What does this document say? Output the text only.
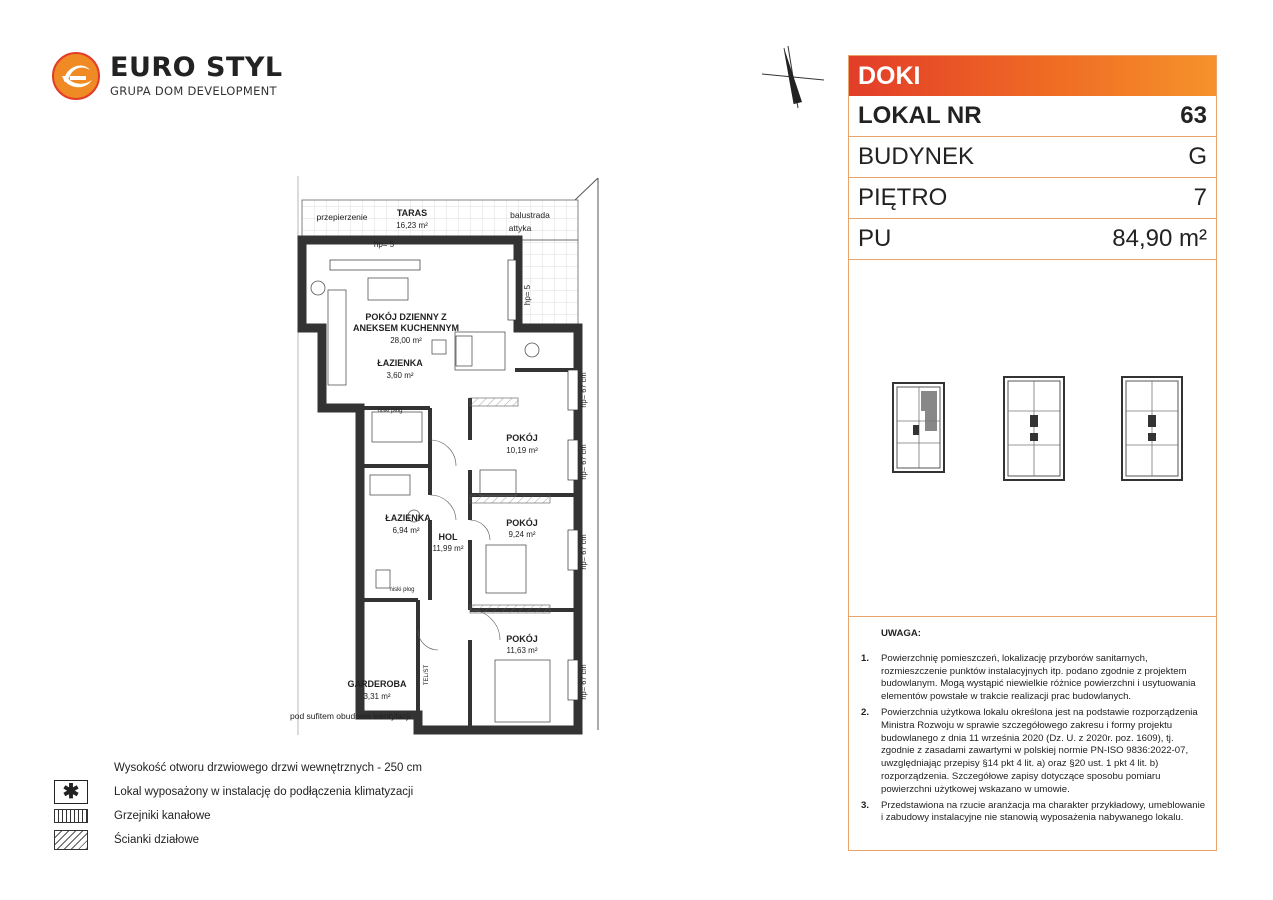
EURO STYL
GRUPA DOM DEVELOPMENT
DOKI
LOKAL NR	63
BUDYNEK	G
PIĘTRO	7
PU	84,90 m²
UWAGA:
1.	Powierzchnię pomieszczeń, lokalizację przyborów sanitarnych, rozmieszczenie punktów instalacyjnych itp. podano zgodnie z projektem budowlanym. Mogą wystąpić niewielkie różnice powierzchni i usytuowania elementów powstałe w trakcie realizacji prac budowlanych.
2.	Powierzchnia użytkowa lokalu określona jest na podstawie rozporządzenia Ministra Rozwoju w sprawie szczegółowego zakresu i formy projektu budowlanego z dnia 11 września 2020 (Dz. U. z 2020r. poz. 1609), tj. zgodnie z zasadami zawartymi w polskiej normie PN-ISO 9836:2022-07, uwzględniając przepisy §14 pkt 4 lit. a) oraz §20 ust. 1 pkt 4 lit. b) rozporządzenia. Szczegółowe zapisy dotyczące sposobu pomiaru powierzchni użytkowej wskazano w umowie.
3.	Przedstawiona na rzucie aranżacja ma charakter przykładowy, umeblowanie i zabudowy instalacyjne nie stanowią wyposażenia nabywanego lokalu.
TARAS
16,23 m²
przepierzenie	balustrada
attyka
hp= 5
hp= 5
POKÓJ DZIENNY Z
ANEKSEM KUCHENNYM
28,00 m²
ŁAZIENKA
3,60 m²
POKÓJ
10,19 m²
ŁAZIENKA
6,94 m²
HOL
11,99 m²
POKÓJ
9,24 m²
POKÓJ
11,63 m²
GARDEROBA
3,31 m²
pod sufitem obudowa wentylacji
niski płog
niski płog
TEL/ST
hp= 67 cm
hp= 67 cm
hp= 67 cm
hp= 67 cm
Wysokość otworu drzwiowego drzwi wewnętrznych - 250 cm
✱	Lokal wyposażony w instalację do podłączenia klimatyzacji
Grzejniki kanałowe
Ścianki działowe
